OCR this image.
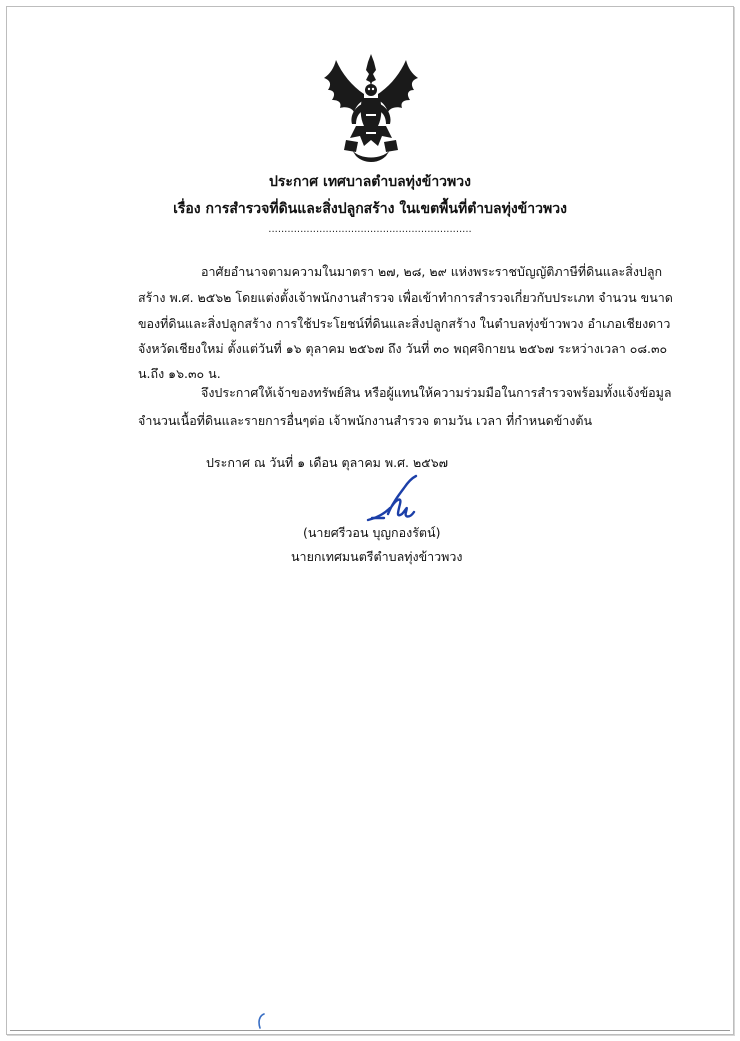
ประกาศ เทศบาลตำบลทุ่งข้าวพวง
เรื่อง การสำรวจที่ดินและสิ่งปลูกสร้าง ในเขตพื้นที่ตำบลทุ่งข้าวพวง
................................................................
อาศัยอำนาจตามความในมาตรา ๒๗, ๒๘, ๒๙ แห่งพระราชบัญญัติภาษีที่ดินและสิ่งปลูก
สร้าง พ.ศ. ๒๕๖๒ โดยแต่งตั้งเจ้าพนักงานสำรวจ เพื่อเข้าทำการสำรวจเกี่ยวกับประเภท จำนวน ขนาด
ของที่ดินและสิ่งปลูกสร้าง การใช้ประโยชน์ที่ดินและสิ่งปลูกสร้าง ในตำบลทุ่งข้าวพวง อำเภอเชียงดาว
จังหวัดเชียงใหม่ ตั้งแต่วันที่ ๑๖ ตุลาคม ๒๕๖๗ ถึง วันที่ ๓๐ พฤศจิกายน ๒๕๖๗ ระหว่างเวลา ๐๘.๓๐
น.ถึง ๑๖.๓๐ น.
จึงประกาศให้เจ้าของทรัพย์สิน หรือผู้แทนให้ความร่วมมือในการสำรวจพร้อมทั้งแจ้งข้อมูล
จำนวนเนื้อที่ดินและรายการอื่นๆต่อ เจ้าพนักงานสำรวจ ตามวัน เวลา ที่กำหนดข้างต้น
ประกาศ ณ วันที่ ๑ เดือน ตุลาคม พ.ศ. ๒๕๖๗
(นายศรีวอน บุญกองรัตน์)
นายกเทศมนตรีตำบลทุ่งข้าวพวง
